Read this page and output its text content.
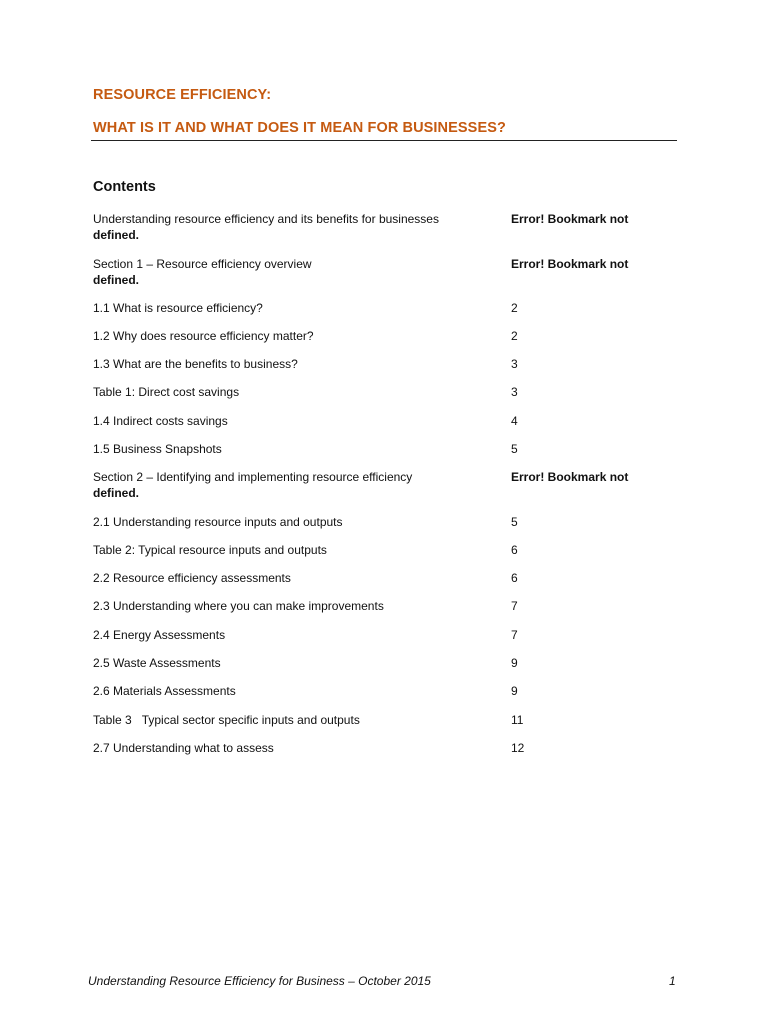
RESOURCE EFFICIENCY:
WHAT IS IT AND WHAT DOES IT MEAN FOR BUSINESSES?
Contents
Understanding resource efficiency and its benefits for businesses	Error! Bookmark not
defined.
Section 1 – Resource efficiency overview	Error! Bookmark not
defined.
1.1 What is resource efficiency?	2
1.2 Why does resource efficiency matter?	2
1.3 What are the benefits to business?	3
Table 1: Direct cost savings	3
1.4 Indirect costs savings	4
1.5 Business Snapshots	5
Section 2 – Identifying and implementing resource efficiency	Error! Bookmark not
defined.
2.1 Understanding resource inputs and outputs	5
Table 2: Typical resource inputs and outputs	6
2.2 Resource efficiency assessments	6
2.3 Understanding where you can make improvements	7
2.4 Energy Assessments	7
2.5 Waste Assessments	9
2.6 Materials Assessments	9
Table 3   Typical sector specific inputs and outputs	11
2.7 Understanding what to assess	12
Understanding Resource Efficiency for Business – October 2015	1
